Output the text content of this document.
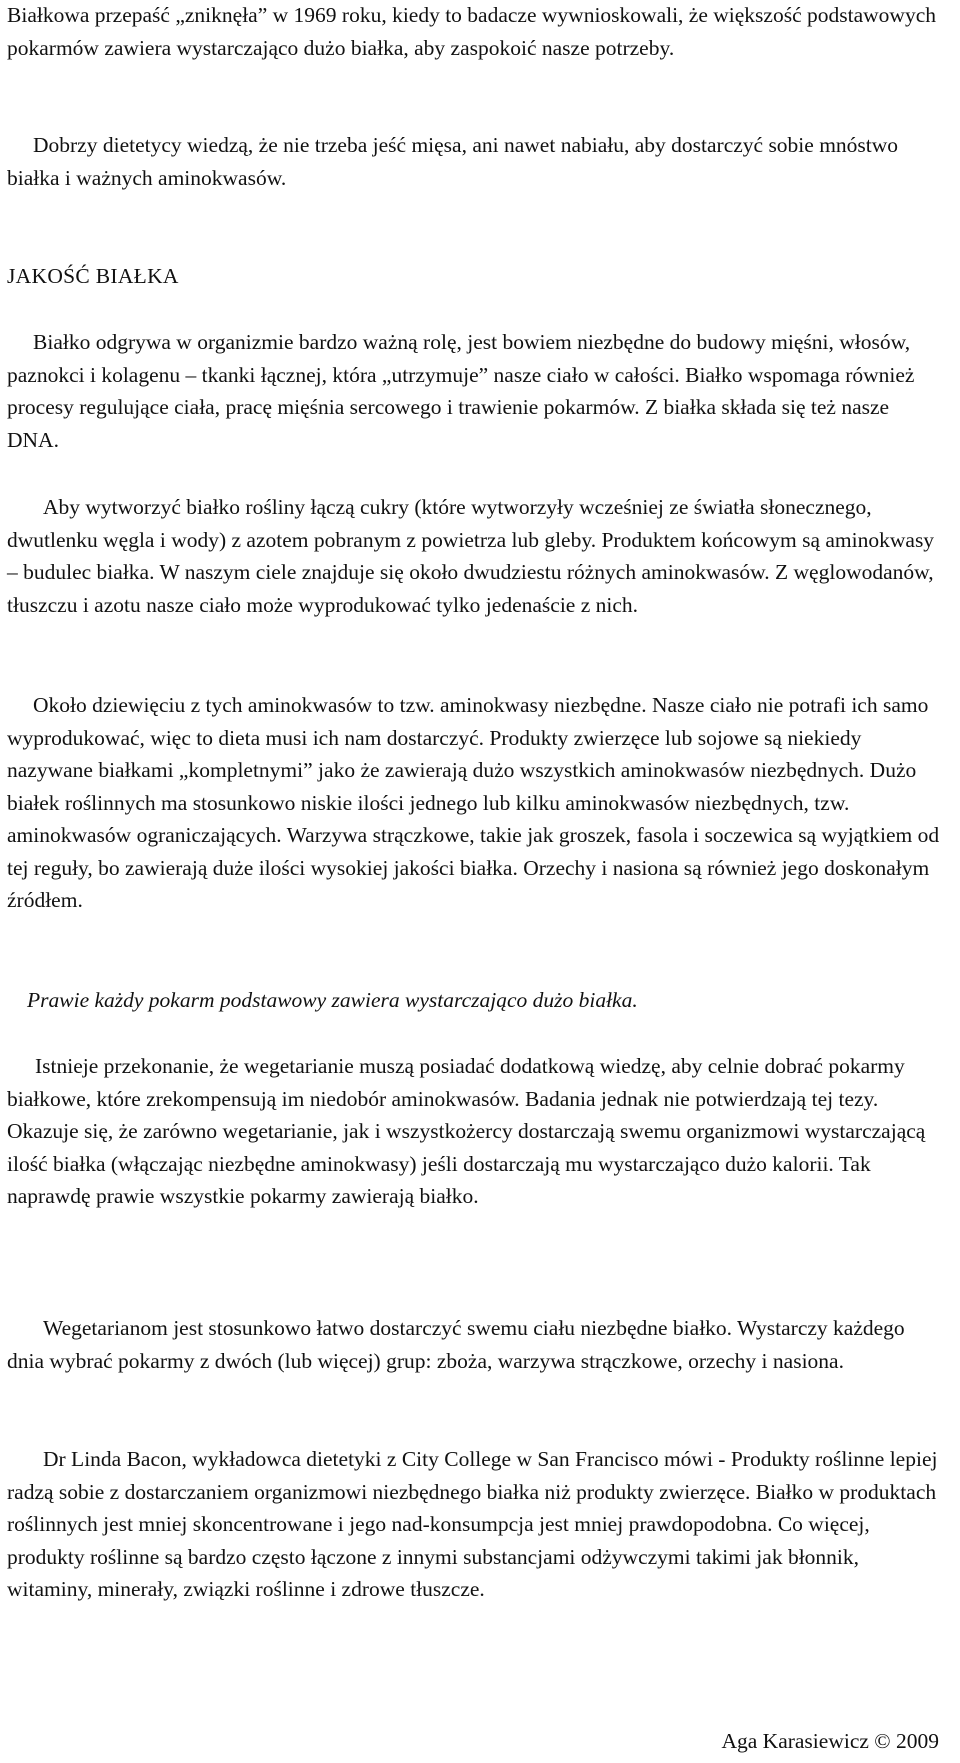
Białkowa przepaść „zniknęła” w 1969 roku, kiedy to badacze wywnioskowali, że większość podstawowych pokarmów zawiera wystarczająco dużo białka, aby zaspokoić nasze potrzeby.

Dobrzy dietetycy wiedzą, że nie trzeba jeść mięsa, ani nawet nabiału, aby dostarczyć sobie mnóstwo białka i ważnych aminokwasów.

JAKOŚĆ BIAŁKA

Białko odgrywa w organizmie bardzo ważną rolę, jest bowiem niezbędne do budowy mięśni, włosów, paznokci i kolagenu – tkanki łącznej, która „utrzymuje” nasze ciało w całości. Białko wspomaga również procesy regulujące ciała, pracę mięśnia sercowego i trawienie pokarmów. Z białka składa się też nasze DNA.

Aby wytworzyć białko rośliny łączą cukry (które wytworzyły wcześniej ze światła słonecznego, dwutlenku węgla i wody) z azotem pobranym z powietrza lub gleby. Produktem końcowym są aminokwasy – budulec białka. W naszym ciele znajduje się około dwudziestu różnych aminokwasów. Z węglowodanów, tłuszczu i azotu nasze ciało może wyprodukować tylko jedenaście z nich.

Około dziewięciu z tych aminokwasów to tzw. aminokwasy niezbędne. Nasze ciało nie potrafi ich samo wyprodukować, więc to dieta musi ich nam dostarczyć. Produkty zwierzęce lub sojowe są niekiedy nazywane białkami „kompletnymi” jako że zawierają dużo wszystkich aminokwasów niezbędnych. Dużo białek roślinnych ma stosunkowo niskie ilości jednego lub kilku aminokwasów niezbędnych, tzw. aminokwasów ograniczających. Warzywa strączkowe, takie jak groszek, fasola i soczewica są wyjątkiem od tej reguły, bo zawierają duże ilości wysokiej jakości białka. Orzechy i nasiona są również jego doskonałym źródłem.

Prawie każdy pokarm podstawowy zawiera wystarczająco dużo białka.

Istnieje przekonanie, że wegetarianie muszą posiadać dodatkową wiedzę, aby celnie dobrać pokarmy białkowe, które zrekompensują im niedobór aminokwasów. Badania jednak nie potwierdzają tej tezy. Okazuje się, że zarówno wegetarianie, jak i wszystkożercy dostarczają swemu organizmowi wystarczającą ilość białka (włączając niezbędne aminokwasy) jeśli dostarczają mu wystarczająco dużo kalorii. Tak naprawdę prawie wszystkie pokarmy zawierają białko.

Wegetarianom jest stosunkowo łatwo dostarczyć swemu ciału niezbędne białko. Wystarczy każdego dnia wybrać pokarmy z dwóch (lub więcej) grup: zboża, warzywa strączkowe, orzechy i nasiona.

Dr Linda Bacon, wykładowca dietetyki z City College w San Francisco mówi - Produkty roślinne lepiej radzą sobie z dostarczaniem organizmowi niezbędnego białka niż produkty zwierzęce. Białko w produktach roślinnych jest mniej skoncentrowane i jego nad-konsumpcja jest mniej prawdopodobna. Co więcej, produkty roślinne są bardzo często łączone z innymi substancjami odżywczymi takimi jak błonnik, witaminy, minerały, związki roślinne i zdrowe tłuszcze.

Aga Karasiewicz © 2009
